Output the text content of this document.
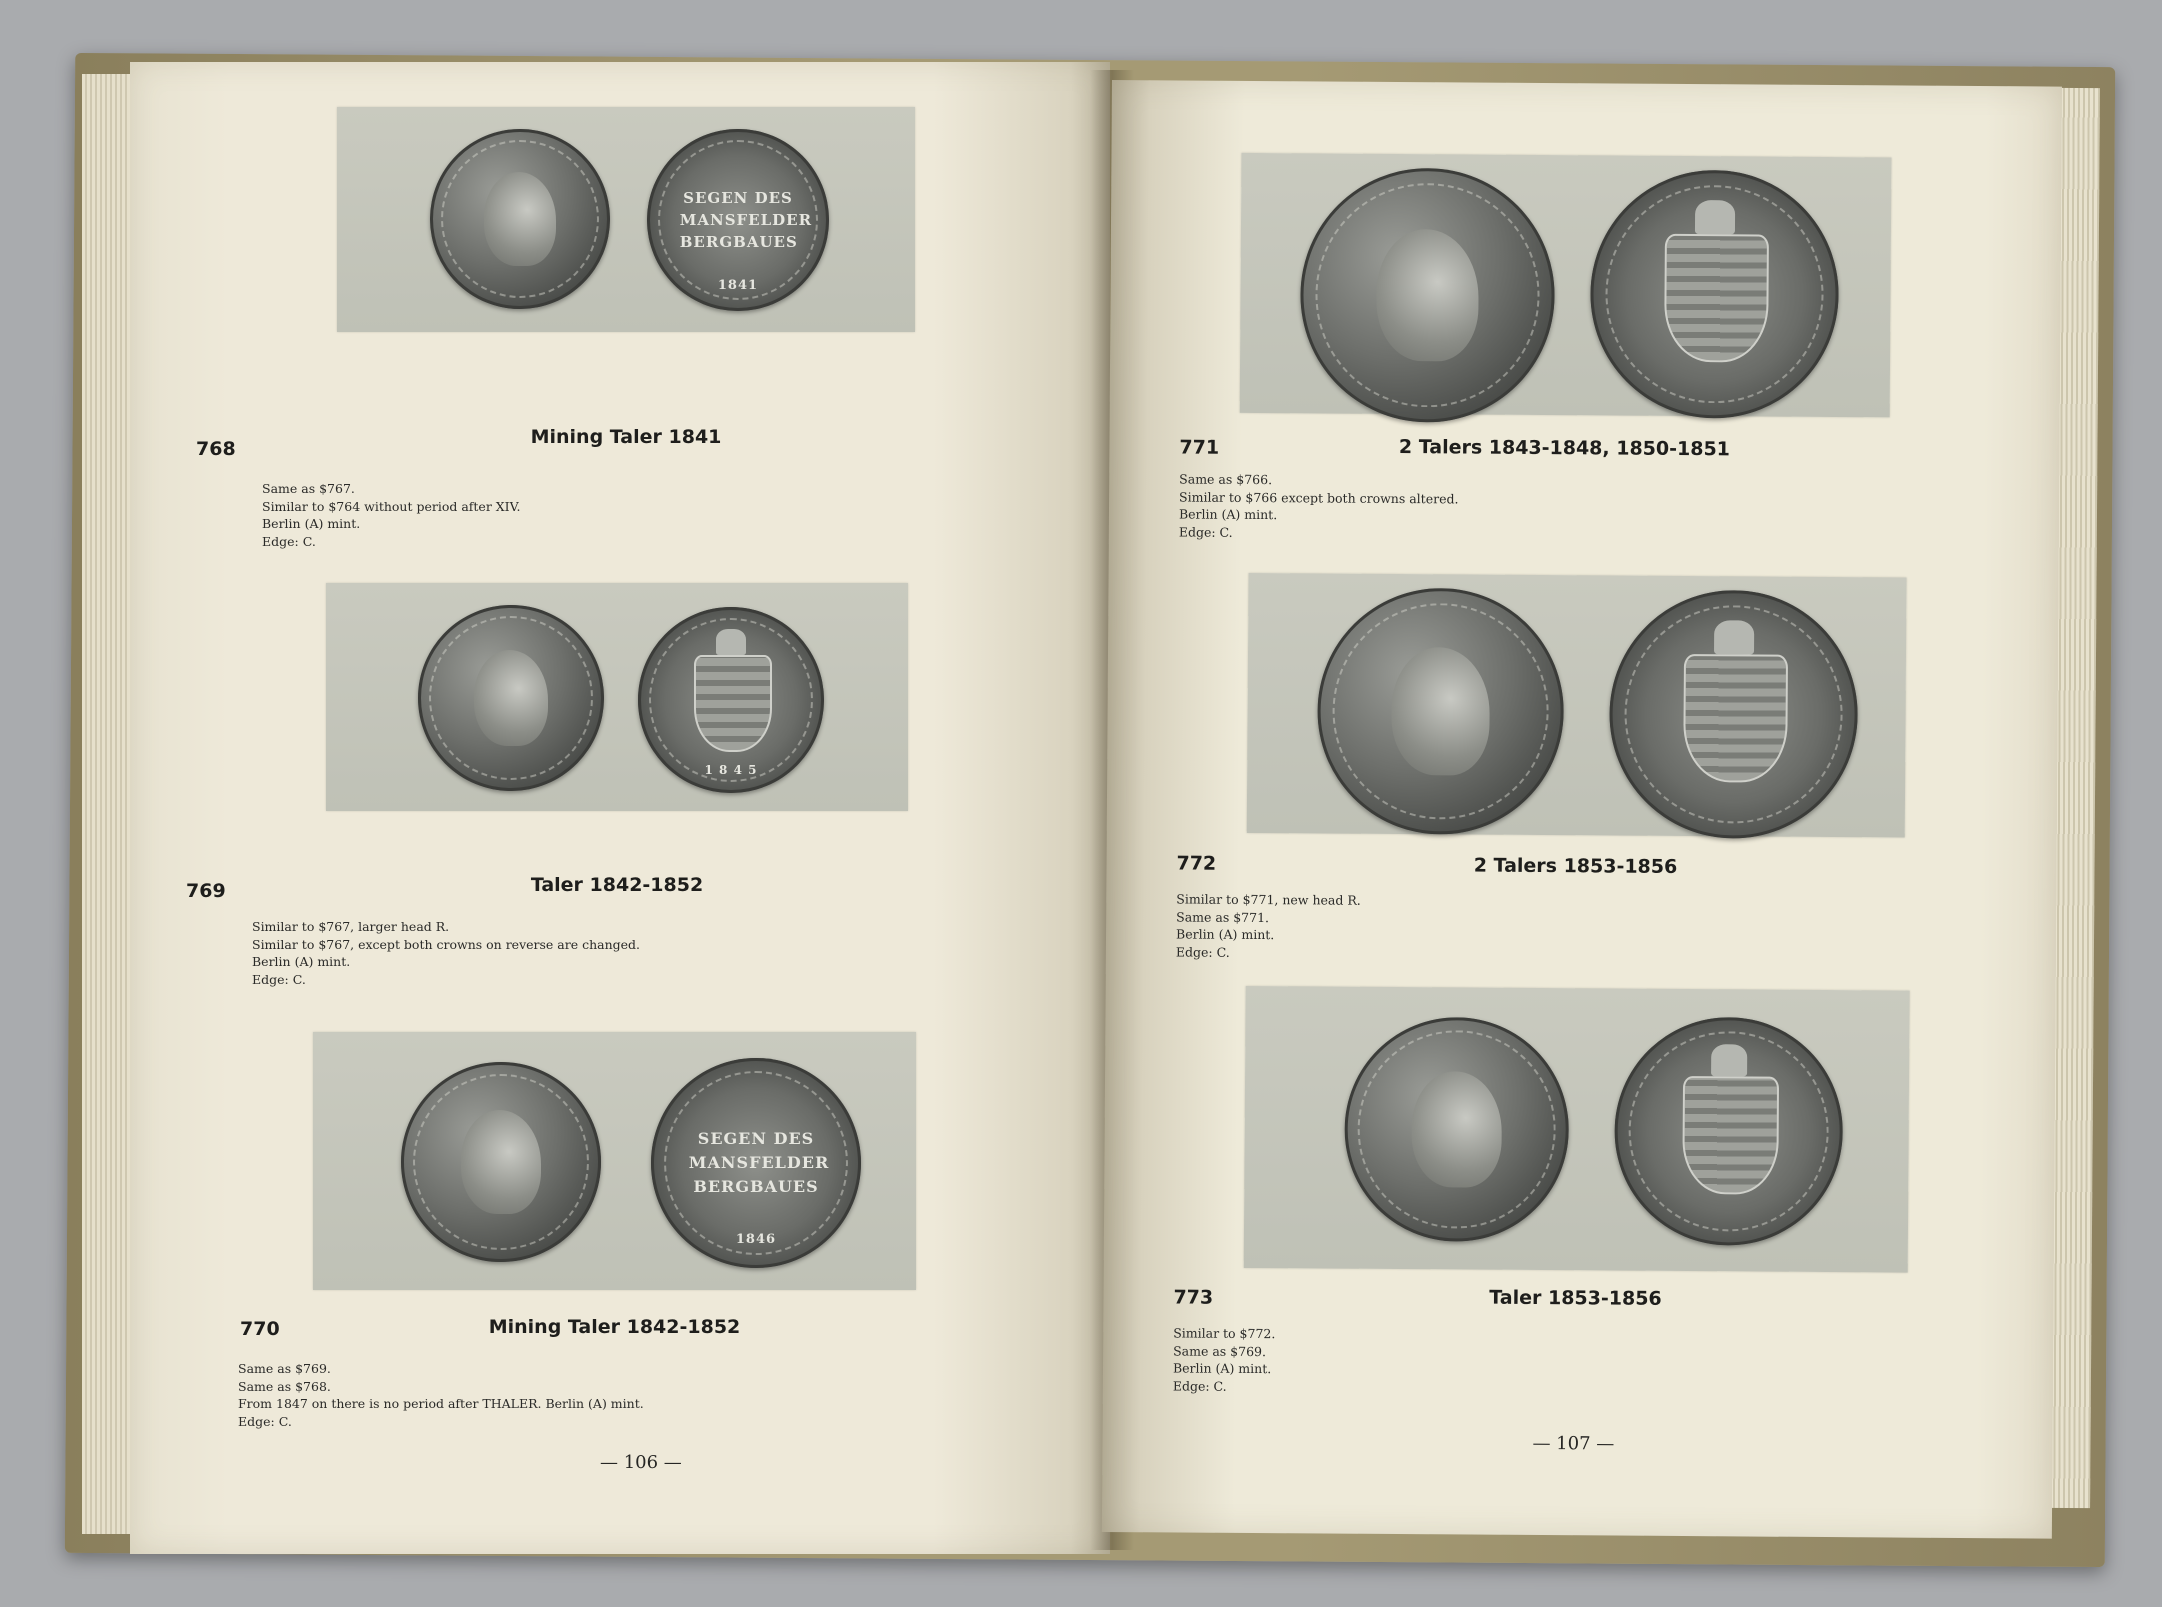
SEGEN DES
MANSFELDER
BERGBAUES
1841
768
Mining Taler 1841
Same as $767.
Similar to $764 without period after XIV.
Berlin (A) mint.
Edge: C.
1 8 4 5
769	Taler 1842-1852
Similar to $767, larger head R.
Similar to $767, except both crowns on reverse are changed.
Berlin (A) mint.
Edge: C.
SEGEN DES
MANSFELDER
BERGBAUES
1846
770	Mining Taler 1842-1852
Same as $769.
Same as $768.
From 1847 on there is no period after THALER. Berlin (A) mint.
Edge: C.
— 106 —
771	2 Talers 1843-1848, 1850-1851
Same as $766.
Similar to $766 except both crowns altered.
Berlin (A) mint.
Edge: C.
772	2 Talers 1853-1856
Similar to $771, new head R.
Same as $771.
Berlin (A) mint.
Edge: C.
773	Taler 1853-1856
Similar to $772.
Same as $769.
Berlin (A) mint.
Edge: C.
— 107 —
